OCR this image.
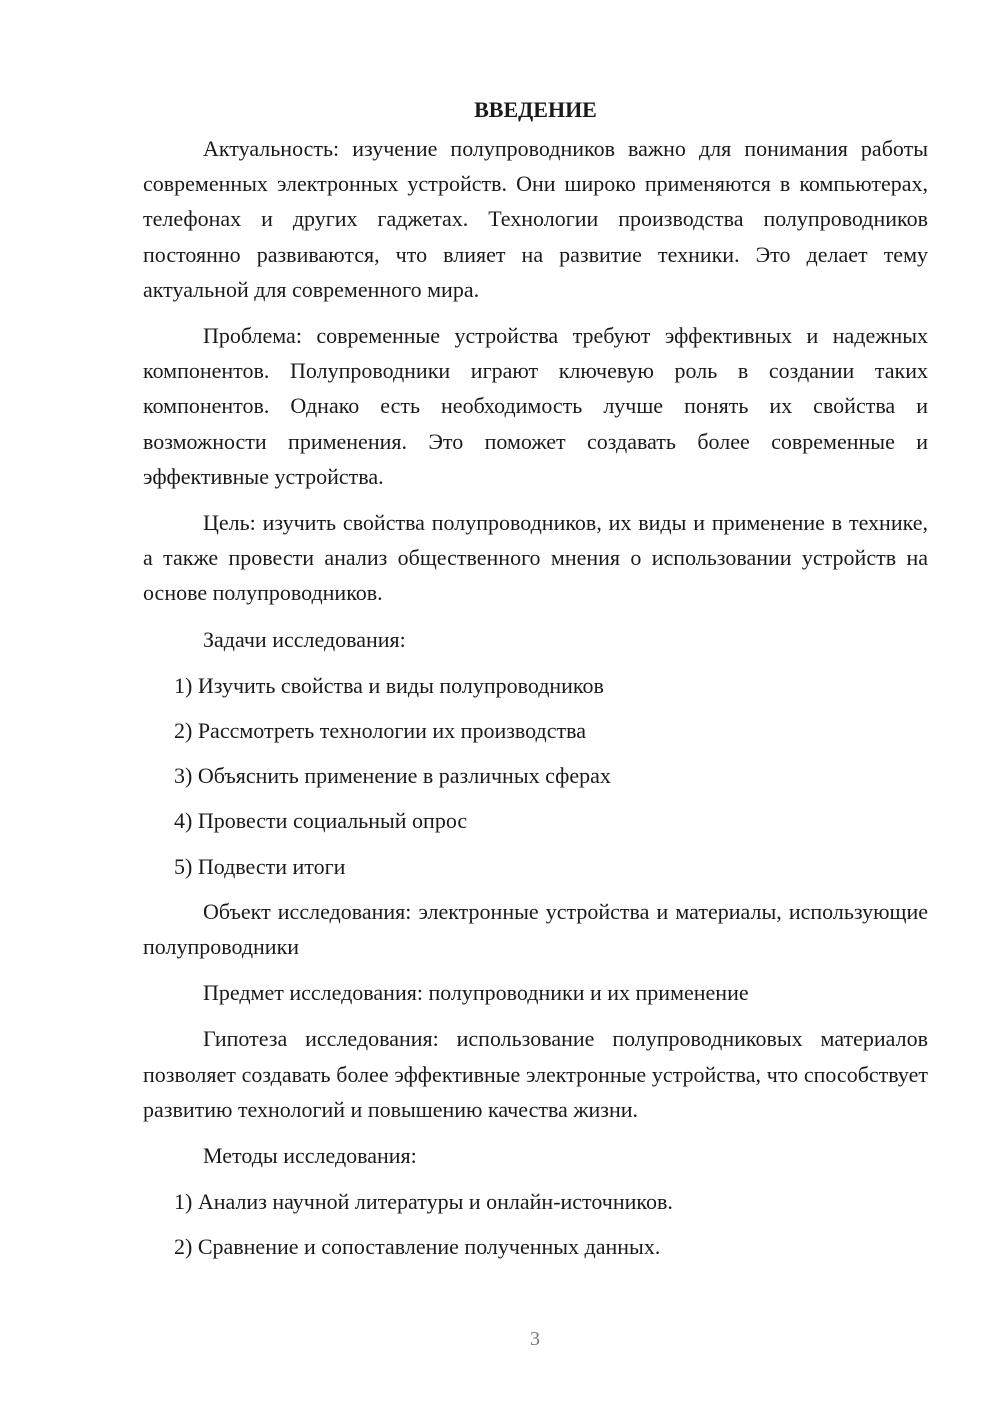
ВВЕДЕНИЕ

Актуальность: изучение полупроводников важно для понимания работы современных электронных устройств. Они широко применяются в компьютерах, телефонах и других гаджетах. Технологии производства полупроводников постоянно развиваются, что влияет на развитие техники. Это делает тему актуальной для современного мира.

Проблема: современные устройства требуют эффективных и надежных компонентов. Полупроводники играют ключевую роль в создании таких компонентов. Однако есть необходимость лучше понять их свойства и возможности применения. Это поможет создавать более современные и эффективные устройства.

Цель: изучить свойства полупроводников, их виды и применение в технике, а также провести анализ общественного мнения о использовании устройств на основе полупроводников.

Задачи исследования:

1) Изучить свойства и виды полупроводников

2) Рассмотреть технологии их производства

3) Объяснить применение в различных сферах

4) Провести социальный опрос

5) Подвести итоги

Объект исследования: электронные устройства и материалы, использующие полупроводники

Предмет исследования: полупроводники и их применение

Гипотеза исследования: использование полупроводниковых материалов позволяет создавать более эффективные электронные устройства, что способствует развитию технологий и повышению качества жизни.

Методы исследования:

1) Анализ научной литературы и онлайн-источников.

2) Сравнение и сопоставление полученных данных.

3
